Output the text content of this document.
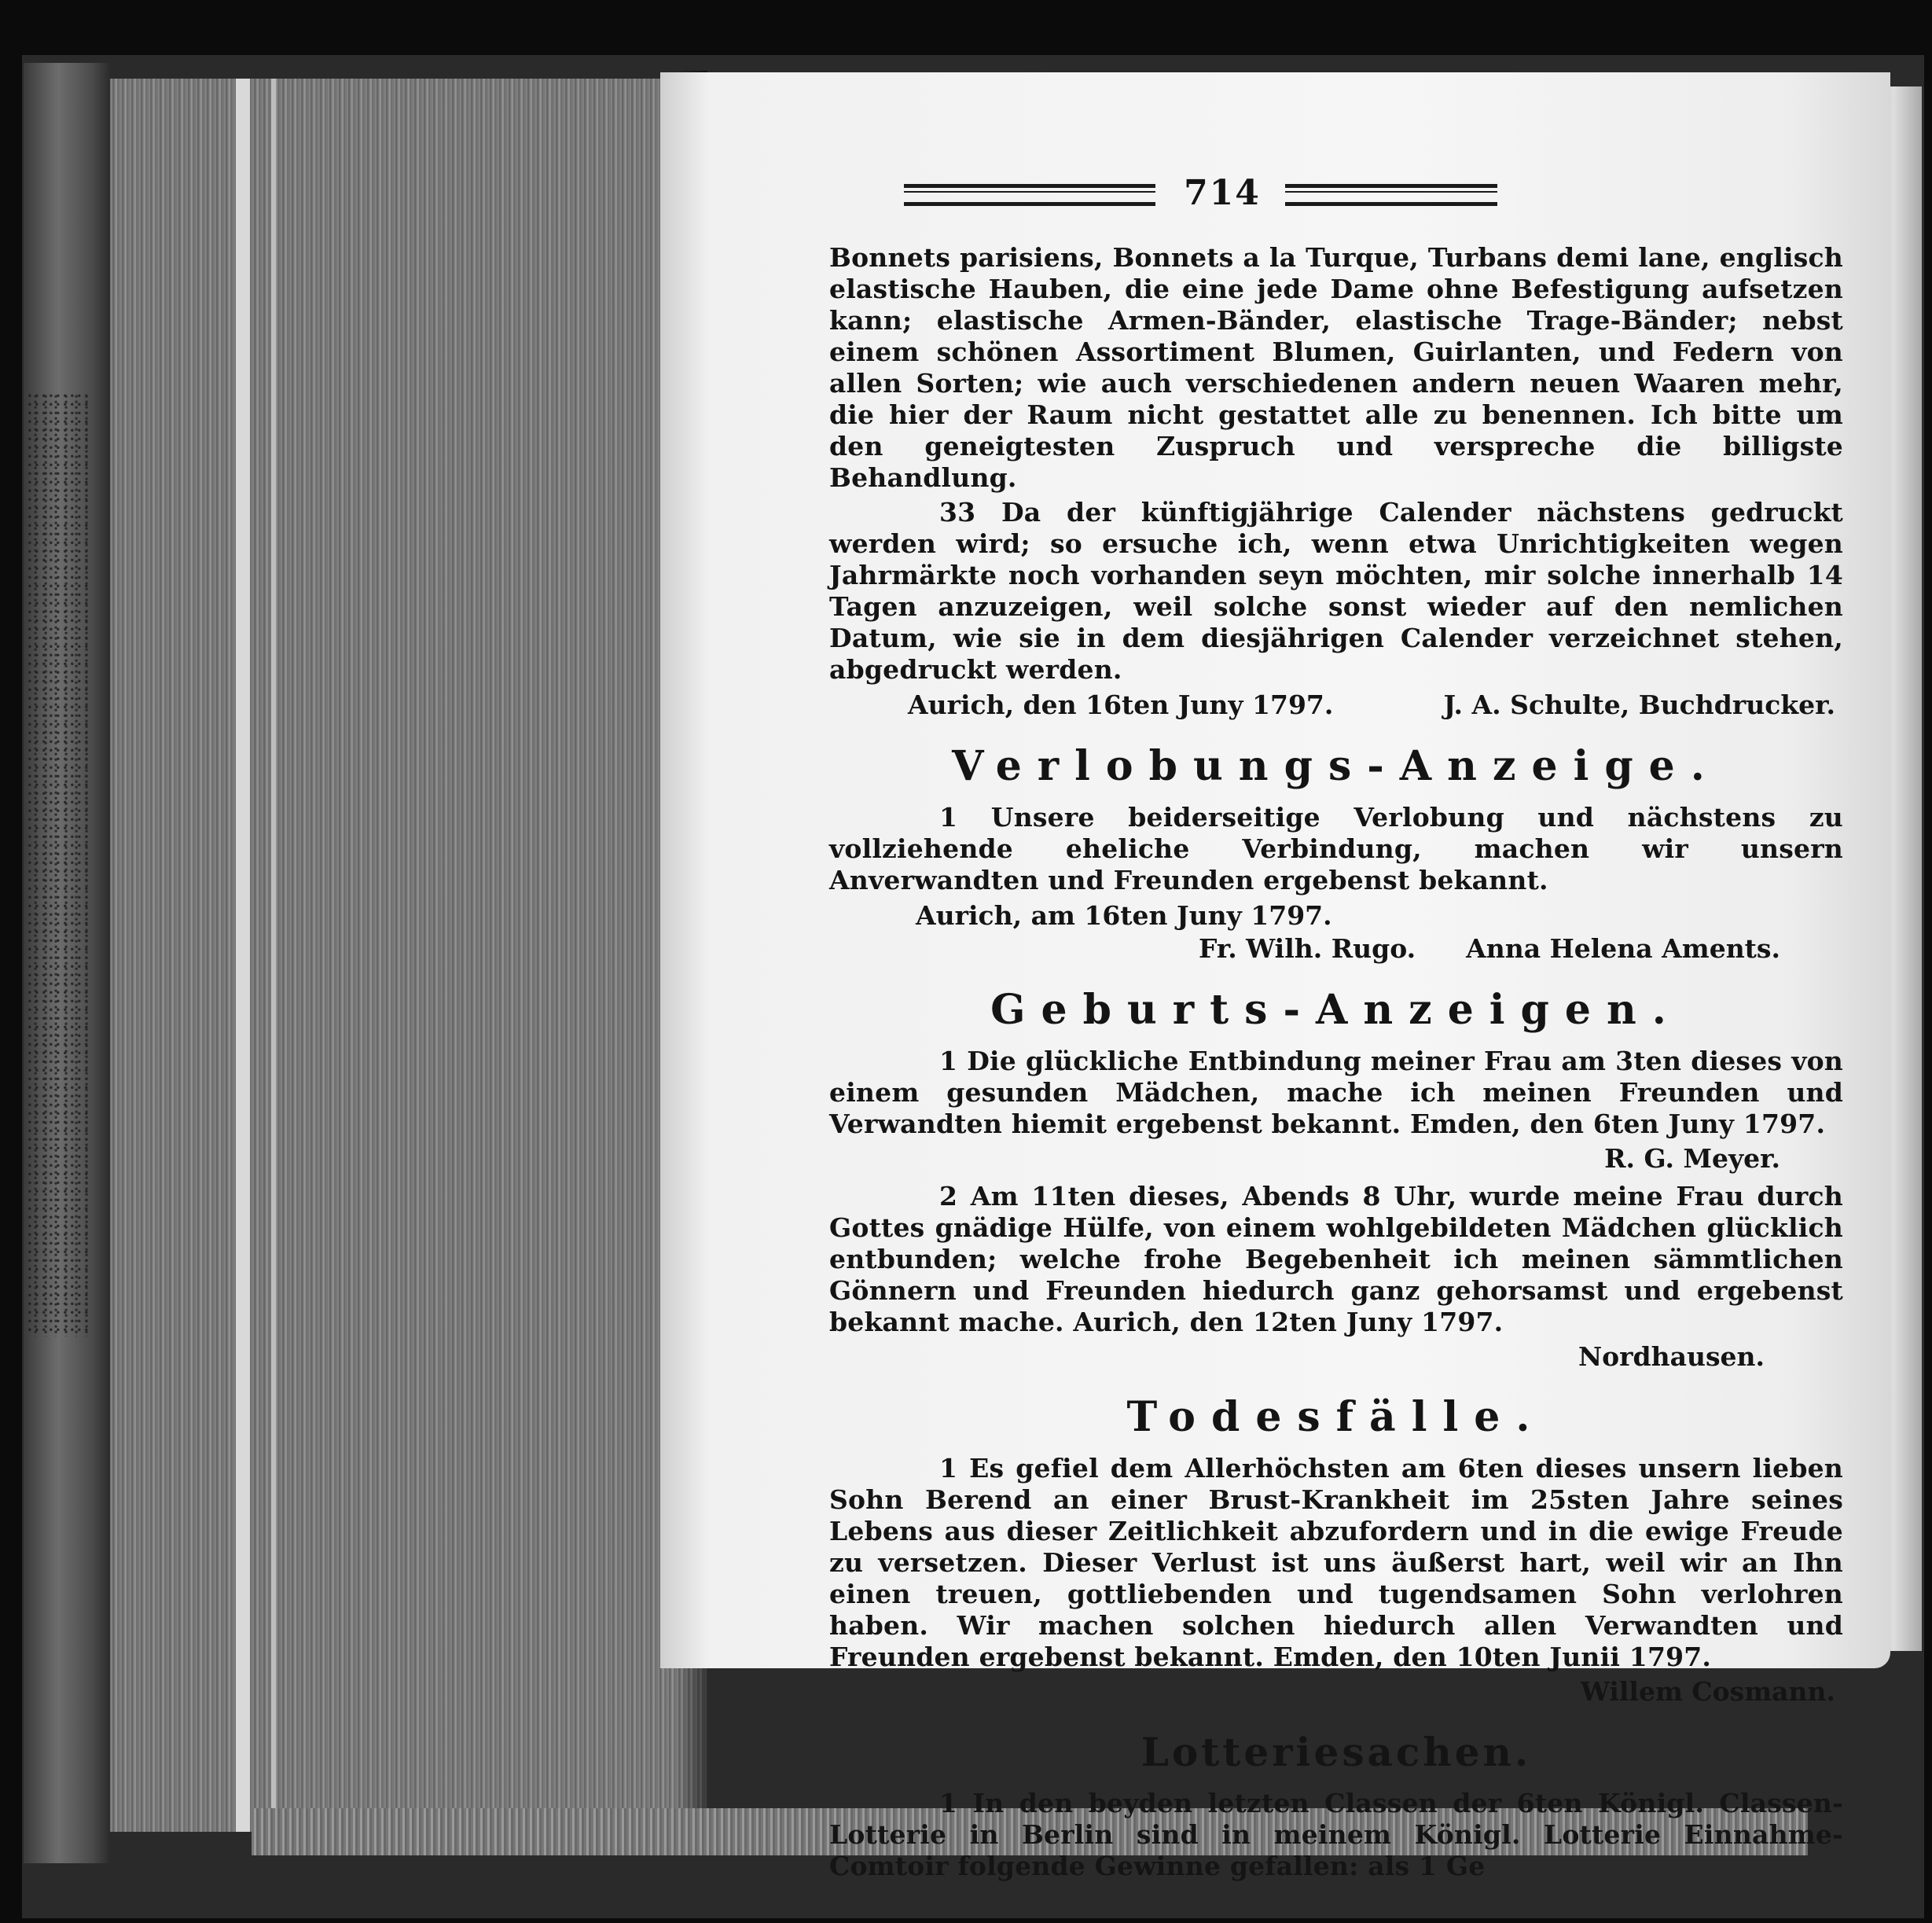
714

Bonnets parisiens, Bonnets a la Turque, Turbans demi lane, englisch elastische Hauben, die eine jede Dame ohne Befestigung aufsetzen kann; elastische Armen-Bänder, elastische Trage-Bänder; nebst einem schönen Assortiment Blumen, Guirlanten, und Federn von allen Sorten; wie auch verschiedenen andern neuen Waaren mehr, die hier der Raum nicht gestattet alle zu benennen. Ich bitte um den geneigtesten Zuspruch und verspreche die billigste Behandlung.

33 Da der künftigjährige Calender nächstens gedruckt werden wird; so ersuche ich, wenn etwa Unrichtigkeiten wegen Jahrmärkte noch vorhanden seyn möchten, mir solche innerhalb 14 Tagen anzuzeigen, weil solche sonst wieder auf den nemlichen Datum, wie sie in dem diesjährigen Calender verzeichnet stehen, abgedruckt werden.

Aurich, den 16ten Juny 1797.	J. A. Schulte, Buchdrucker.
Verlobungs-Anzeige.

1 Unsere beiderseitige Verlobung und nächstens zu vollziehende eheliche Verbindung, machen wir unsern Anverwandten und Freunden ergebenst bekannt.

Aurich, am 16ten Juny 1797.
Fr. Wilh. Rugo. Anna Helena Aments.
Geburts-Anzeigen.

1 Die glückliche Entbindung meiner Frau am 3ten dieses von einem gesunden Mädchen, mache ich meinen Freunden und Verwandten hiemit ergebenst bekannt. Emden, den 6ten Juny 1797.

R. G. Meyer.

2 Am 11ten dieses, Abends 8 Uhr, wurde meine Frau durch Gottes gnädige Hülfe, von einem wohlgebildeten Mädchen glücklich entbunden; welche frohe Begebenheit ich meinen sämmtlichen Gönnern und Freunden hiedurch ganz gehorsamst und ergebenst bekannt mache. Aurich, den 12ten Juny 1797.

Nordhausen.
Todesfälle.

1 Es gefiel dem Allerhöchsten am 6ten dieses unsern lieben Sohn Berend an einer Brust-Krankheit im 25sten Jahre seines Lebens aus dieser Zeitlichkeit abzufordern und in die ewige Freude zu versetzen. Dieser Verlust ist uns äußerst hart, weil wir an Ihn einen treuen, gottliebenden und tugendsamen Sohn verlohren haben. Wir machen solchen hiedurch allen Verwandten und Freunden ergebenst bekannt. Emden, den 10ten Junii 1797.

Willem Cosmann.
Lotteriesachen.

1 In den beyden letzten Classen der 6ten Königl. Classen-Lotterie in Berlin sind in meinem Königl. Lotterie Einnahme-Comtoir folgende Gewinne gefallen: als 1 Ge
